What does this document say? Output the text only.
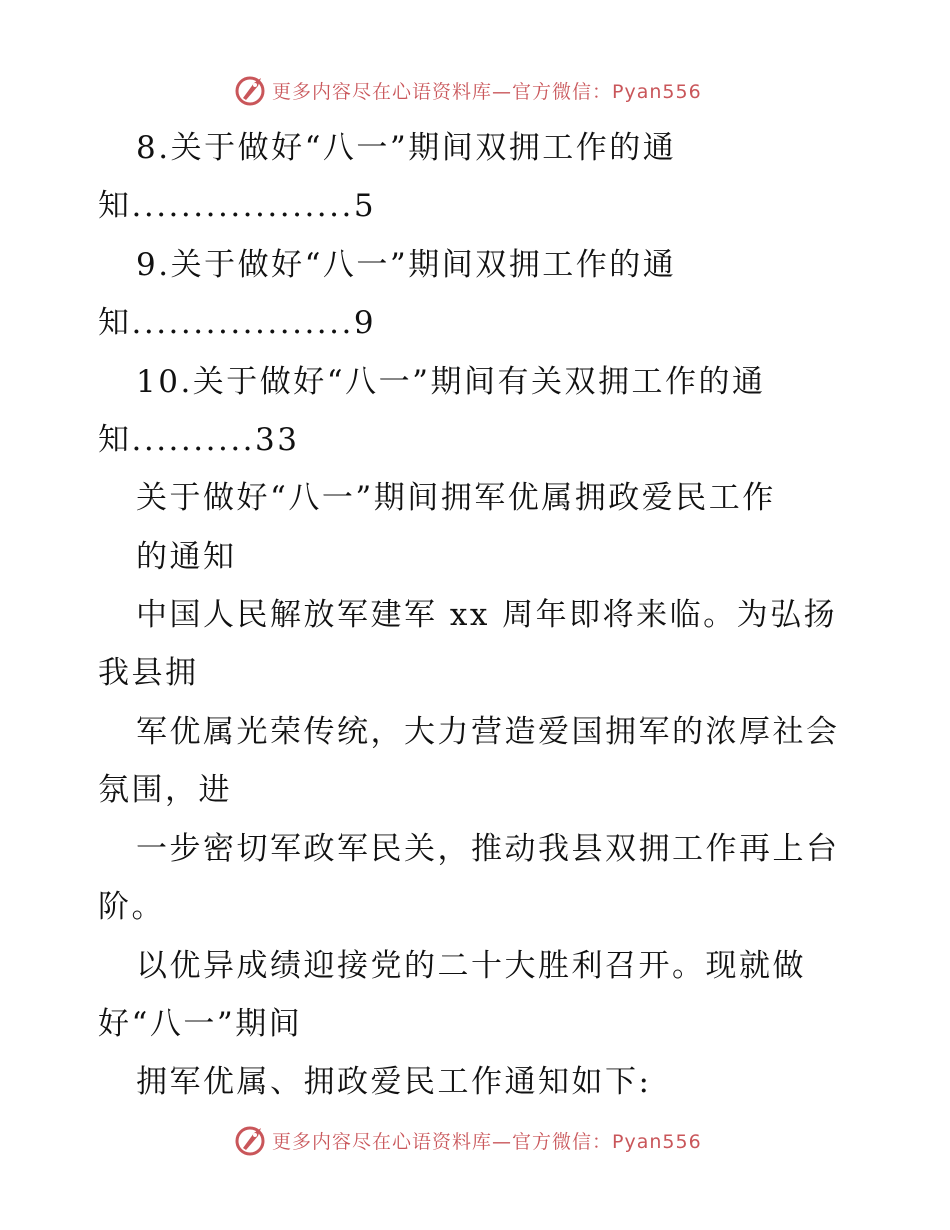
更多内容尽在心语资料库—官方微信：Pyan556
8.关于做好“八一”期间双拥工作的通
知..................5
9.关于做好“八一”期间双拥工作的通
知..................9
10.关于做好“八一”期间有关双拥工作的通
知..........33
关于做好“八一”期间拥军优属拥政爱民工作
的通知
中国人民解放军建军 xx 周年即将来临。为弘扬
我县拥
军优属光荣传统，大力营造爱国拥军的浓厚社会
氛围，进
一步密切军政军民关，推动我县双拥工作再上台
阶。
以优异成绩迎接党的二十大胜利召开。现就做
好“八一”期间
拥军优属、拥政爱民工作通知如下:
更多内容尽在心语资料库—官方微信：Pyan556
